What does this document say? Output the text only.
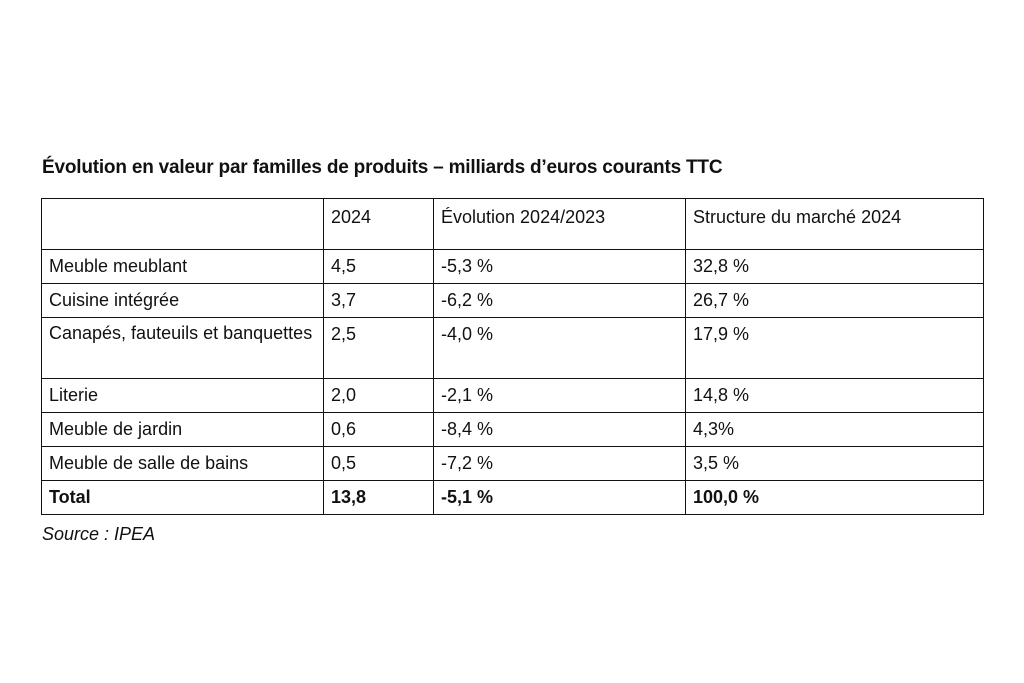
Évolution en valeur par familles de produits – milliards d’euros courants TTC
	2024	Évolution 2024/2023	Structure du marché 2024
Meuble meublant	4,5	-5,3 %	32,8 %
Cuisine intégrée	3,7	-6,2 %	26,7 %
Canapés, fauteuils et banquettes	2,5	-4,0 %	17,9 %
Literie	2,0	-2,1 %	14,8 %
Meuble de jardin	0,6	-8,4 %	4,3%
Meuble de salle de bains	0,5	-7,2 %	3,5 %
Total	13,8	-5,1 %	100,0 %
Source : IPEA
